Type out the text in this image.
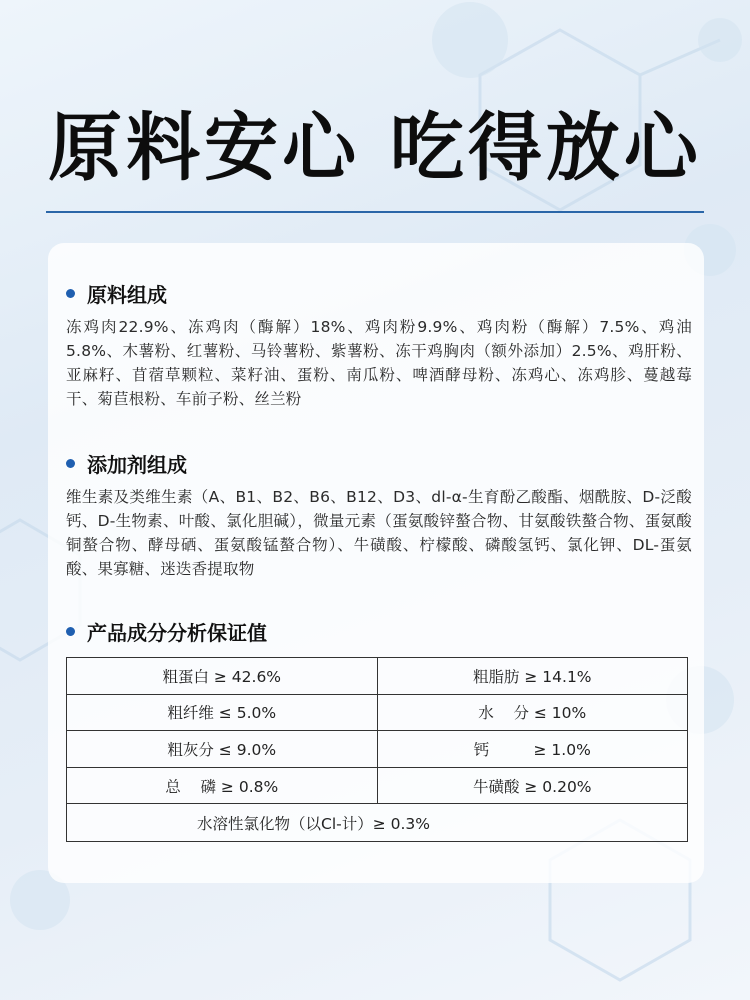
原料安心 吃得放心
原料组成
冻鸡肉22.9%、冻鸡肉（酶解）18%、鸡肉粉9.9%、鸡肉粉（酶解）7.5%、鸡油5.8%、木薯粉、红薯粉、马铃薯粉、紫薯粉、冻干鸡胸肉（额外添加）2.5%、鸡肝粉、亚麻籽、苜蓿草颗粒、菜籽油、蛋粉、南瓜粉、啤酒酵母粉、冻鸡心、冻鸡胗、蔓越莓干、菊苣根粉、车前子粉、丝兰粉
添加剂组成
维生素及类维生素（A、B1、B2、B6、B12、D3、dl-α-生育酚乙酸酯、烟酰胺、D-泛酸钙、D-生物素、叶酸、氯化胆碱），微量元素（蛋氨酸锌螯合物、甘氨酸铁螯合物、蛋氨酸铜螯合物、酵母硒、蛋氨酸锰螯合物）、牛磺酸、柠檬酸、磷酸氢钙、氯化钾、DL-蛋氨酸、果寡糖、迷迭香提取物
产品成分分析保证值
粗蛋白 ≥ 42.6%	粗脂肪 ≥ 14.1%
粗纤维 ≤ 5.0%	水    分 ≤ 10%
粗灰分 ≤ 9.0%	钙         ≥ 1.0%
总    磷 ≥ 0.8%	牛磺酸 ≥ 0.20%
水溶性氯化物（以Cl-计）≥ 0.3%
